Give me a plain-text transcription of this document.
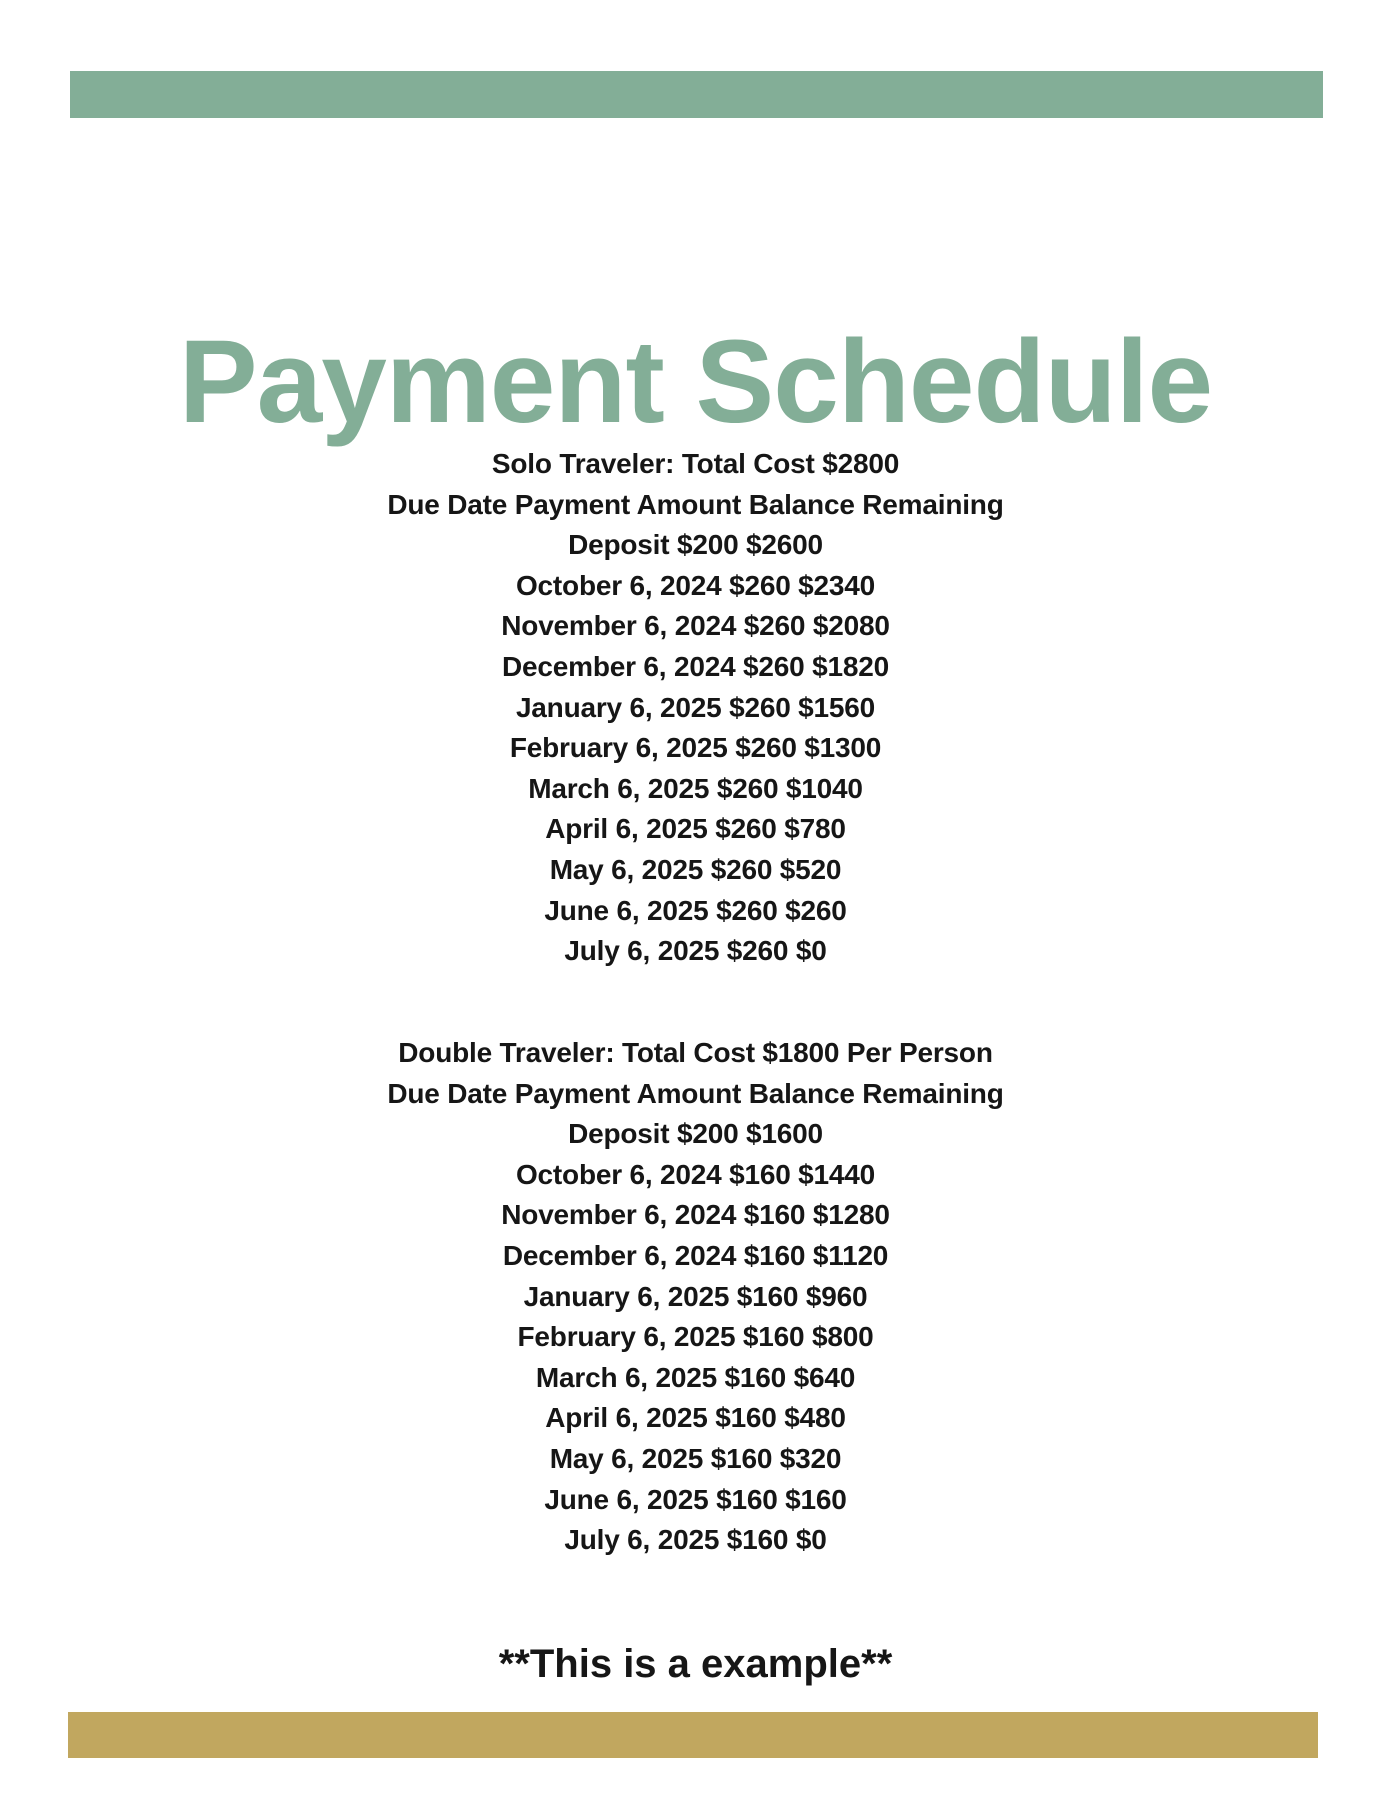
Payment Schedule
Solo Traveler: Total Cost $2800
Due Date Payment Amount Balance Remaining
Deposit $200 $2600
October 6, 2024 $260 $2340
November 6, 2024 $260 $2080
December 6, 2024 $260 $1820
January 6, 2025 $260 $1560
February 6, 2025 $260 $1300
March 6, 2025 $260 $1040
April 6, 2025 $260 $780
May 6, 2025 $260 $520
June 6, 2025 $260 $260
July 6, 2025 $260 $0
Double Traveler: Total Cost $1800 Per Person
Due Date Payment Amount Balance Remaining
Deposit $200 $1600
October 6, 2024 $160 $1440
November 6, 2024 $160 $1280
December 6, 2024 $160 $1120
January 6, 2025 $160 $960
February 6, 2025 $160 $800
March 6, 2025 $160 $640
April 6, 2025 $160 $480
May 6, 2025 $160 $320
June 6, 2025 $160 $160
July 6, 2025 $160 $0
**This is a example**
